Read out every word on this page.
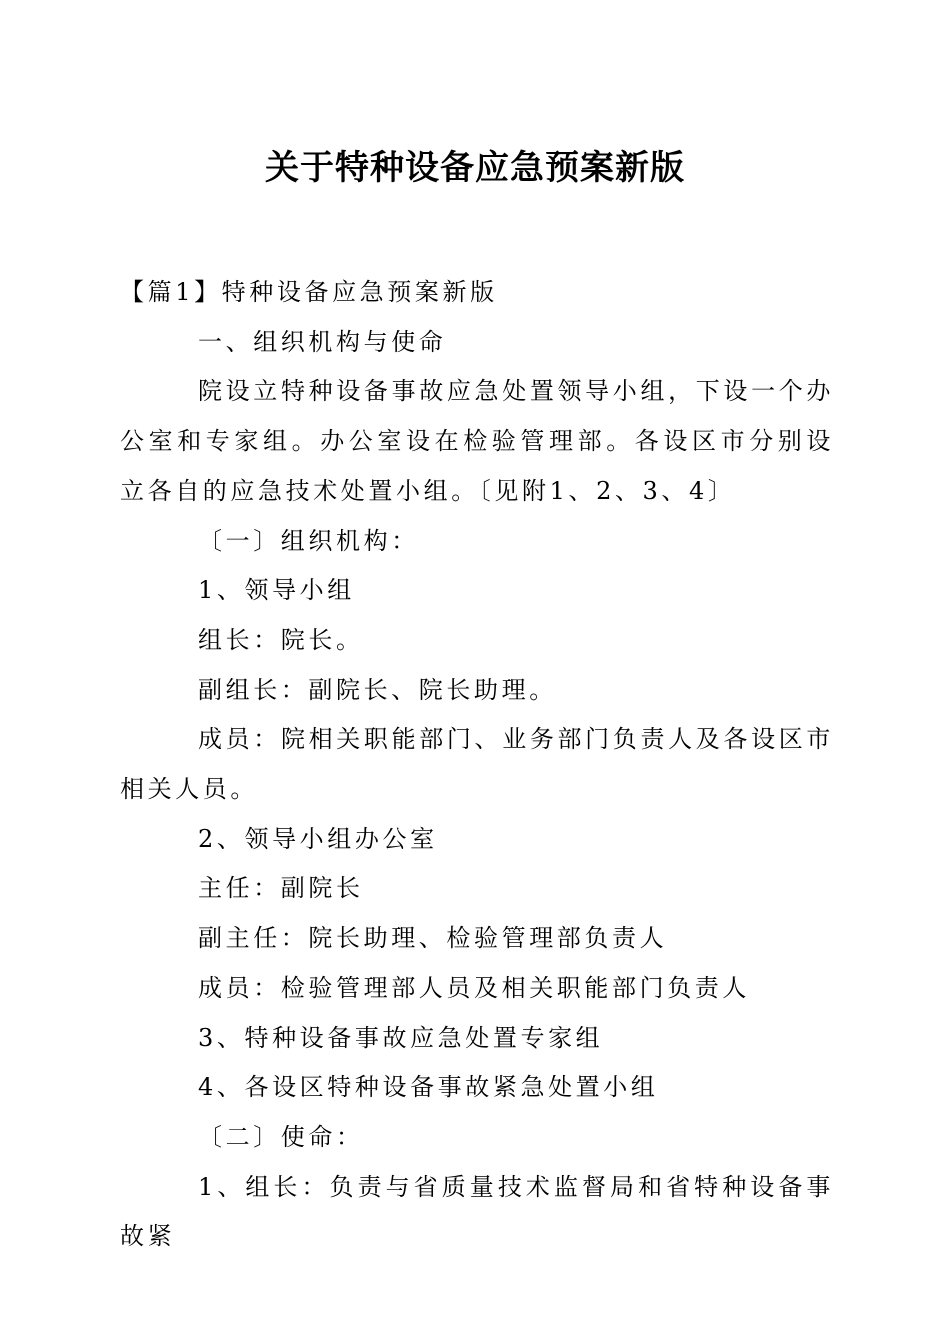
关于特种设备应急预案新版

【篇1】特种设备应急预案新版

一、组织机构与使命

院设立特种设备事故应急处置领导小组，下设一个办公室和专家组。办公室设在检验管理部。各设区市分别设立各自的应急技术处置小组。〔见附1、2、3、4〕

〔一〕组织机构：

1、领导小组

组长：院长。

副组长：副院长、院长助理。

成员：院相关职能部门、业务部门负责人及各设区市相关人员。

2、领导小组办公室

主任：副院长

副主任：院长助理、检验管理部负责人

成员：检验管理部人员及相关职能部门负责人

3、特种设备事故应急处置专家组

4、各设区特种设备事故紧急处置小组

〔二〕使命：

1、组长：负责与省质量技术监督局和省特种设备事故紧
